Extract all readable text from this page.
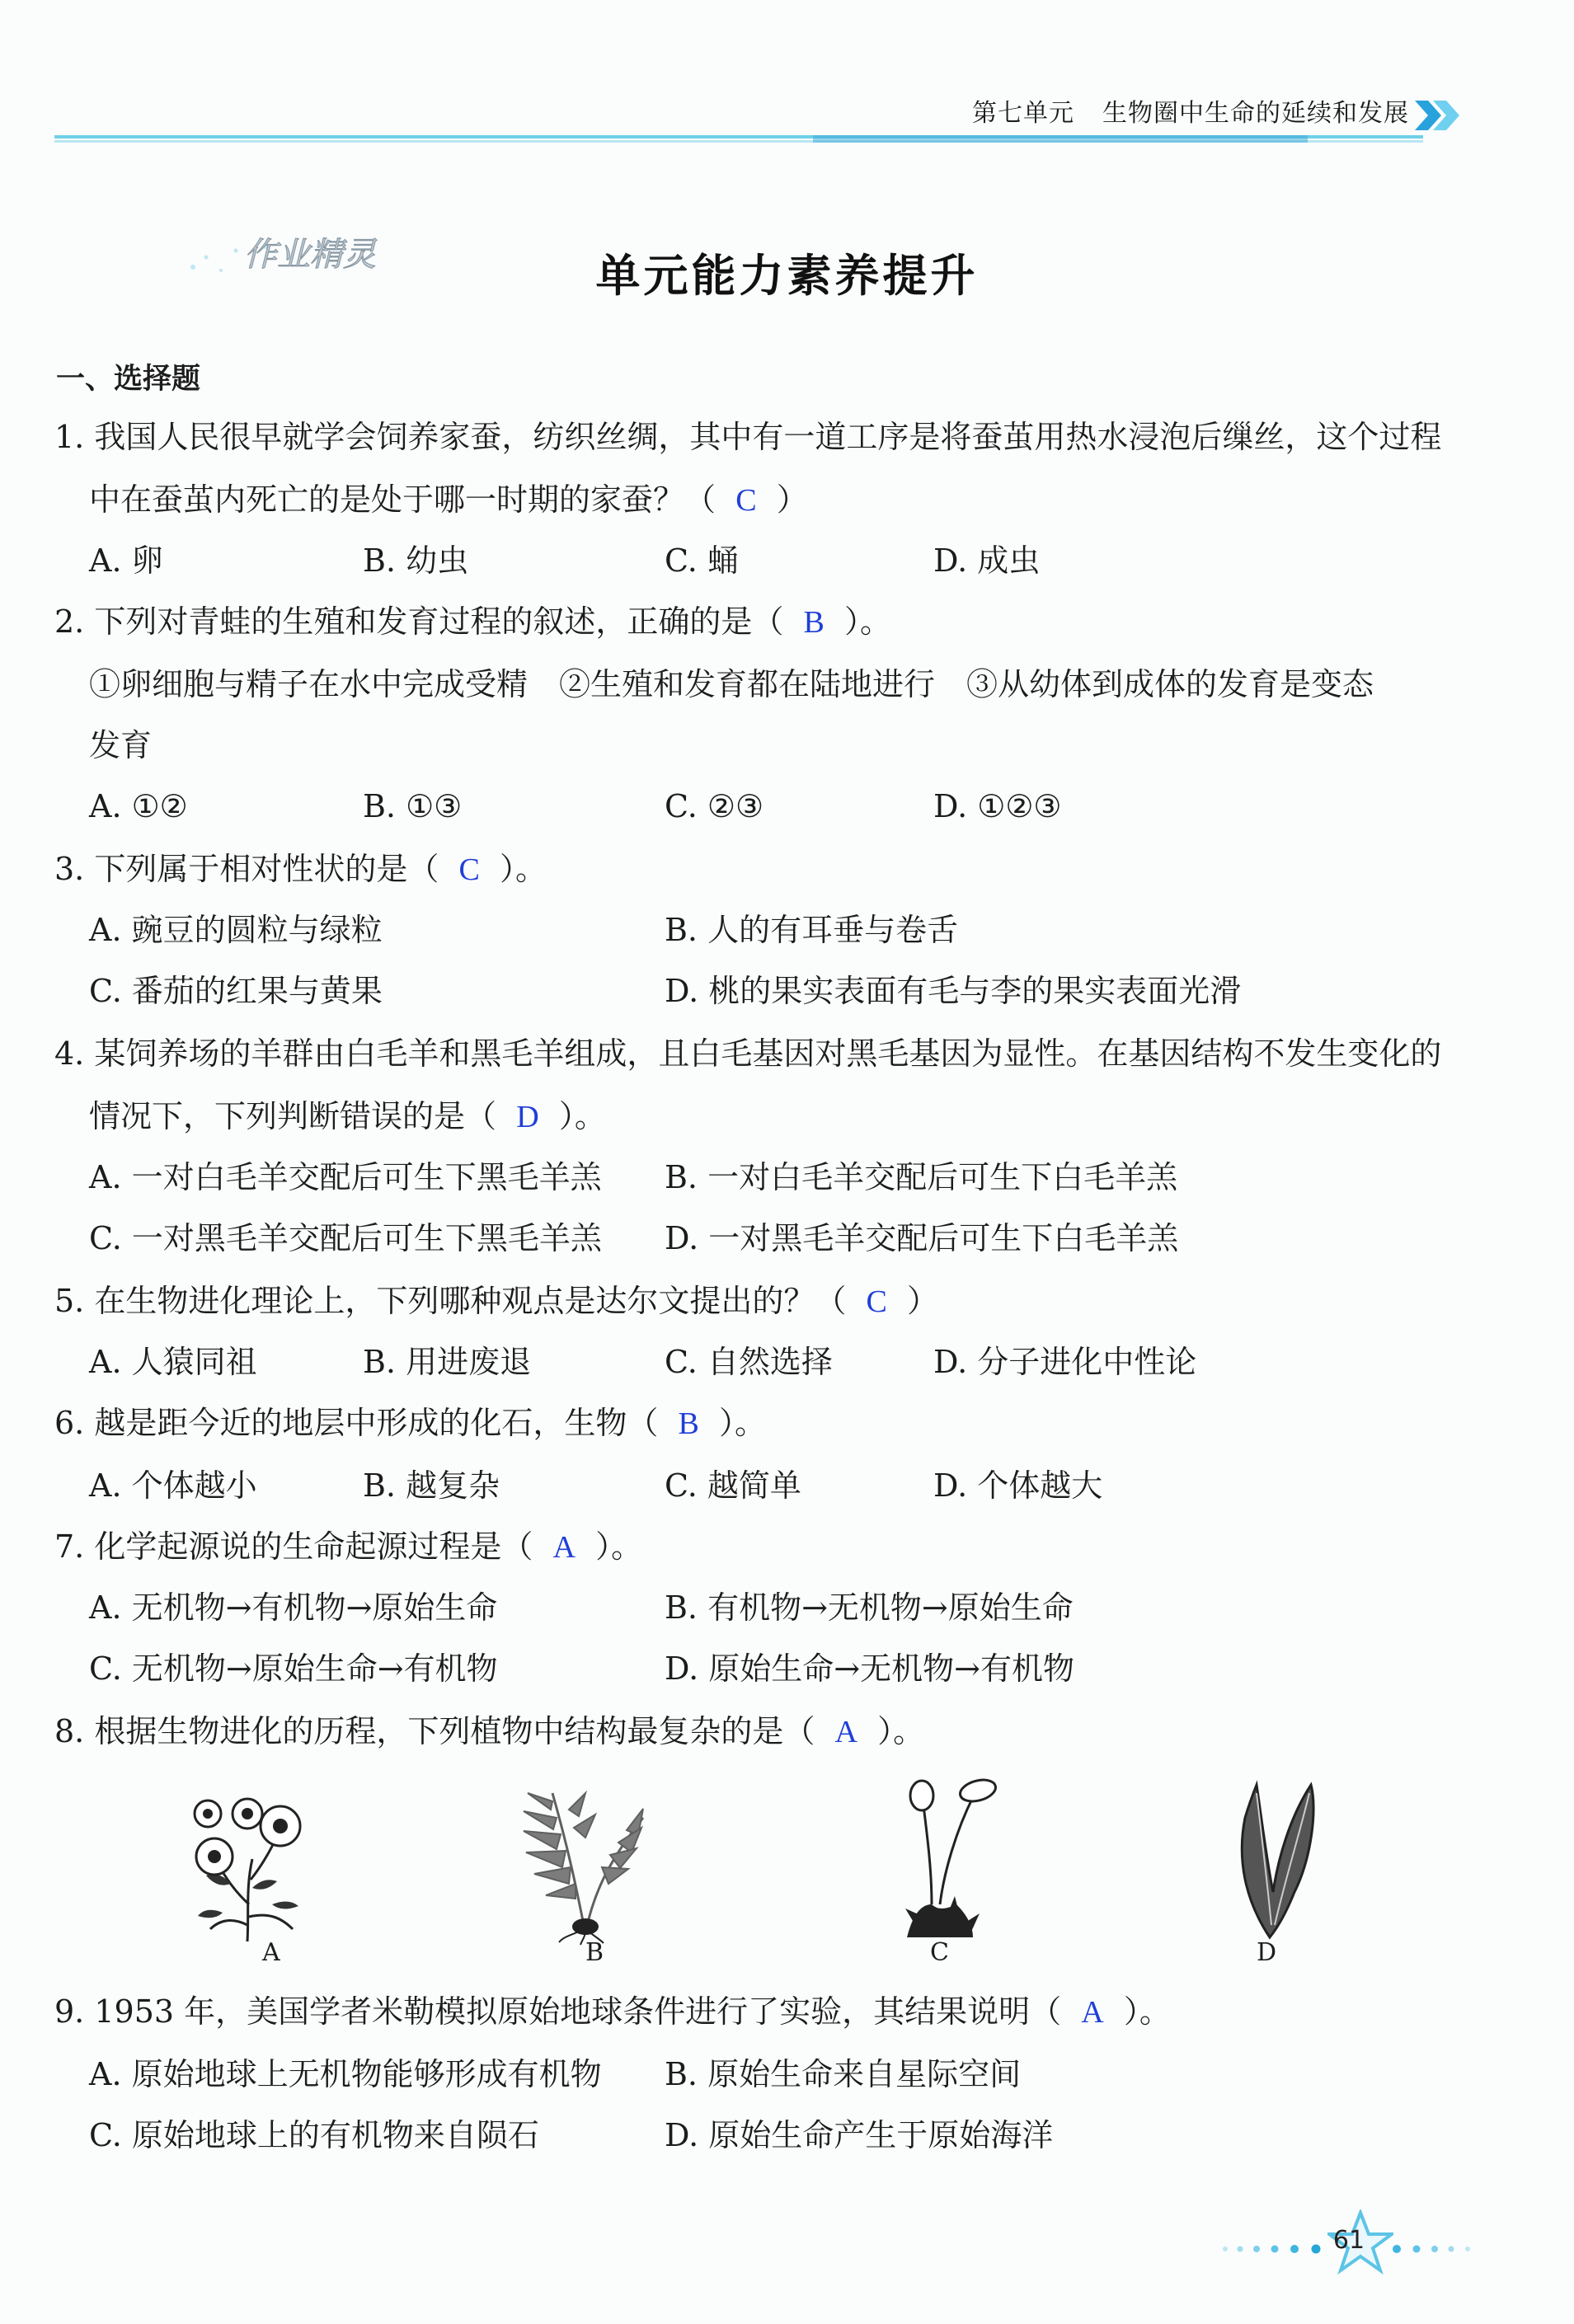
第七单元 生物圈中生命的延续和发展
作业精灵	单元能力素养提升
一、选择题
1. 我国人民很早就学会饲养家蚕，纺织丝绸，其中有一道工序是将蚕茧用热水浸泡后缫丝，这个过程
中在蚕茧内死亡的是处于哪一时期的家蚕？（ C ）
A. 卵	B. 幼虫	C. 蛹	D. 成虫
2. 下列对青蛙的生殖和发育过程的叙述，正确的是（ B ）。
①卵细胞与精子在水中完成受精　②生殖和发育都在陆地进行　③从幼体到成体的发育是变态
发育
A. ①②	B. ①③	C. ②③	D. ①②③
3. 下列属于相对性状的是（ C ）。
A. 豌豆的圆粒与绿粒	B. 人的有耳垂与卷舌
C. 番茄的红果与黄果	D. 桃的果实表面有毛与李的果实表面光滑
4. 某饲养场的羊群由白毛羊和黑毛羊组成，且白毛基因对黑毛基因为显性。在基因结构不发生变化的
情况下，下列判断错误的是（ D ）。
A. 一对白毛羊交配后可生下黑毛羊羔 B. 一对白毛羊交配后可生下白毛羊羔
C. 一对黑毛羊交配后可生下黑毛羊羔 D. 一对黑毛羊交配后可生下白毛羊羔
5. 在生物进化理论上，下列哪种观点是达尔文提出的？（ C ）
A. 人猿同祖	B. 用进废退	C. 自然选择	D. 分子进化中性论
6. 越是距今近的地层中形成的化石，生物（ B ）。
A. 个体越小	B. 越复杂	C. 越简单	D. 个体越大
7. 化学起源说的生命起源过程是（ A ）。
A. 无机物→有机物→原始生命	B. 有机物→无机物→原始生命
C. 无机物→原始生命→有机物	D. 原始生命→无机物→有机物
8. 根据生物进化的历程，下列植物中结构最复杂的是（ A ）。
A	B	C	D
9. 1953 年，美国学者米勒模拟原始地球条件进行了实验，其结果说明（ A ）。
A. 原始地球上无机物能够形成有机物 B. 原始生命来自星际空间
C. 原始地球上的有机物来自陨石	D. 原始生命产生于原始海洋
61
